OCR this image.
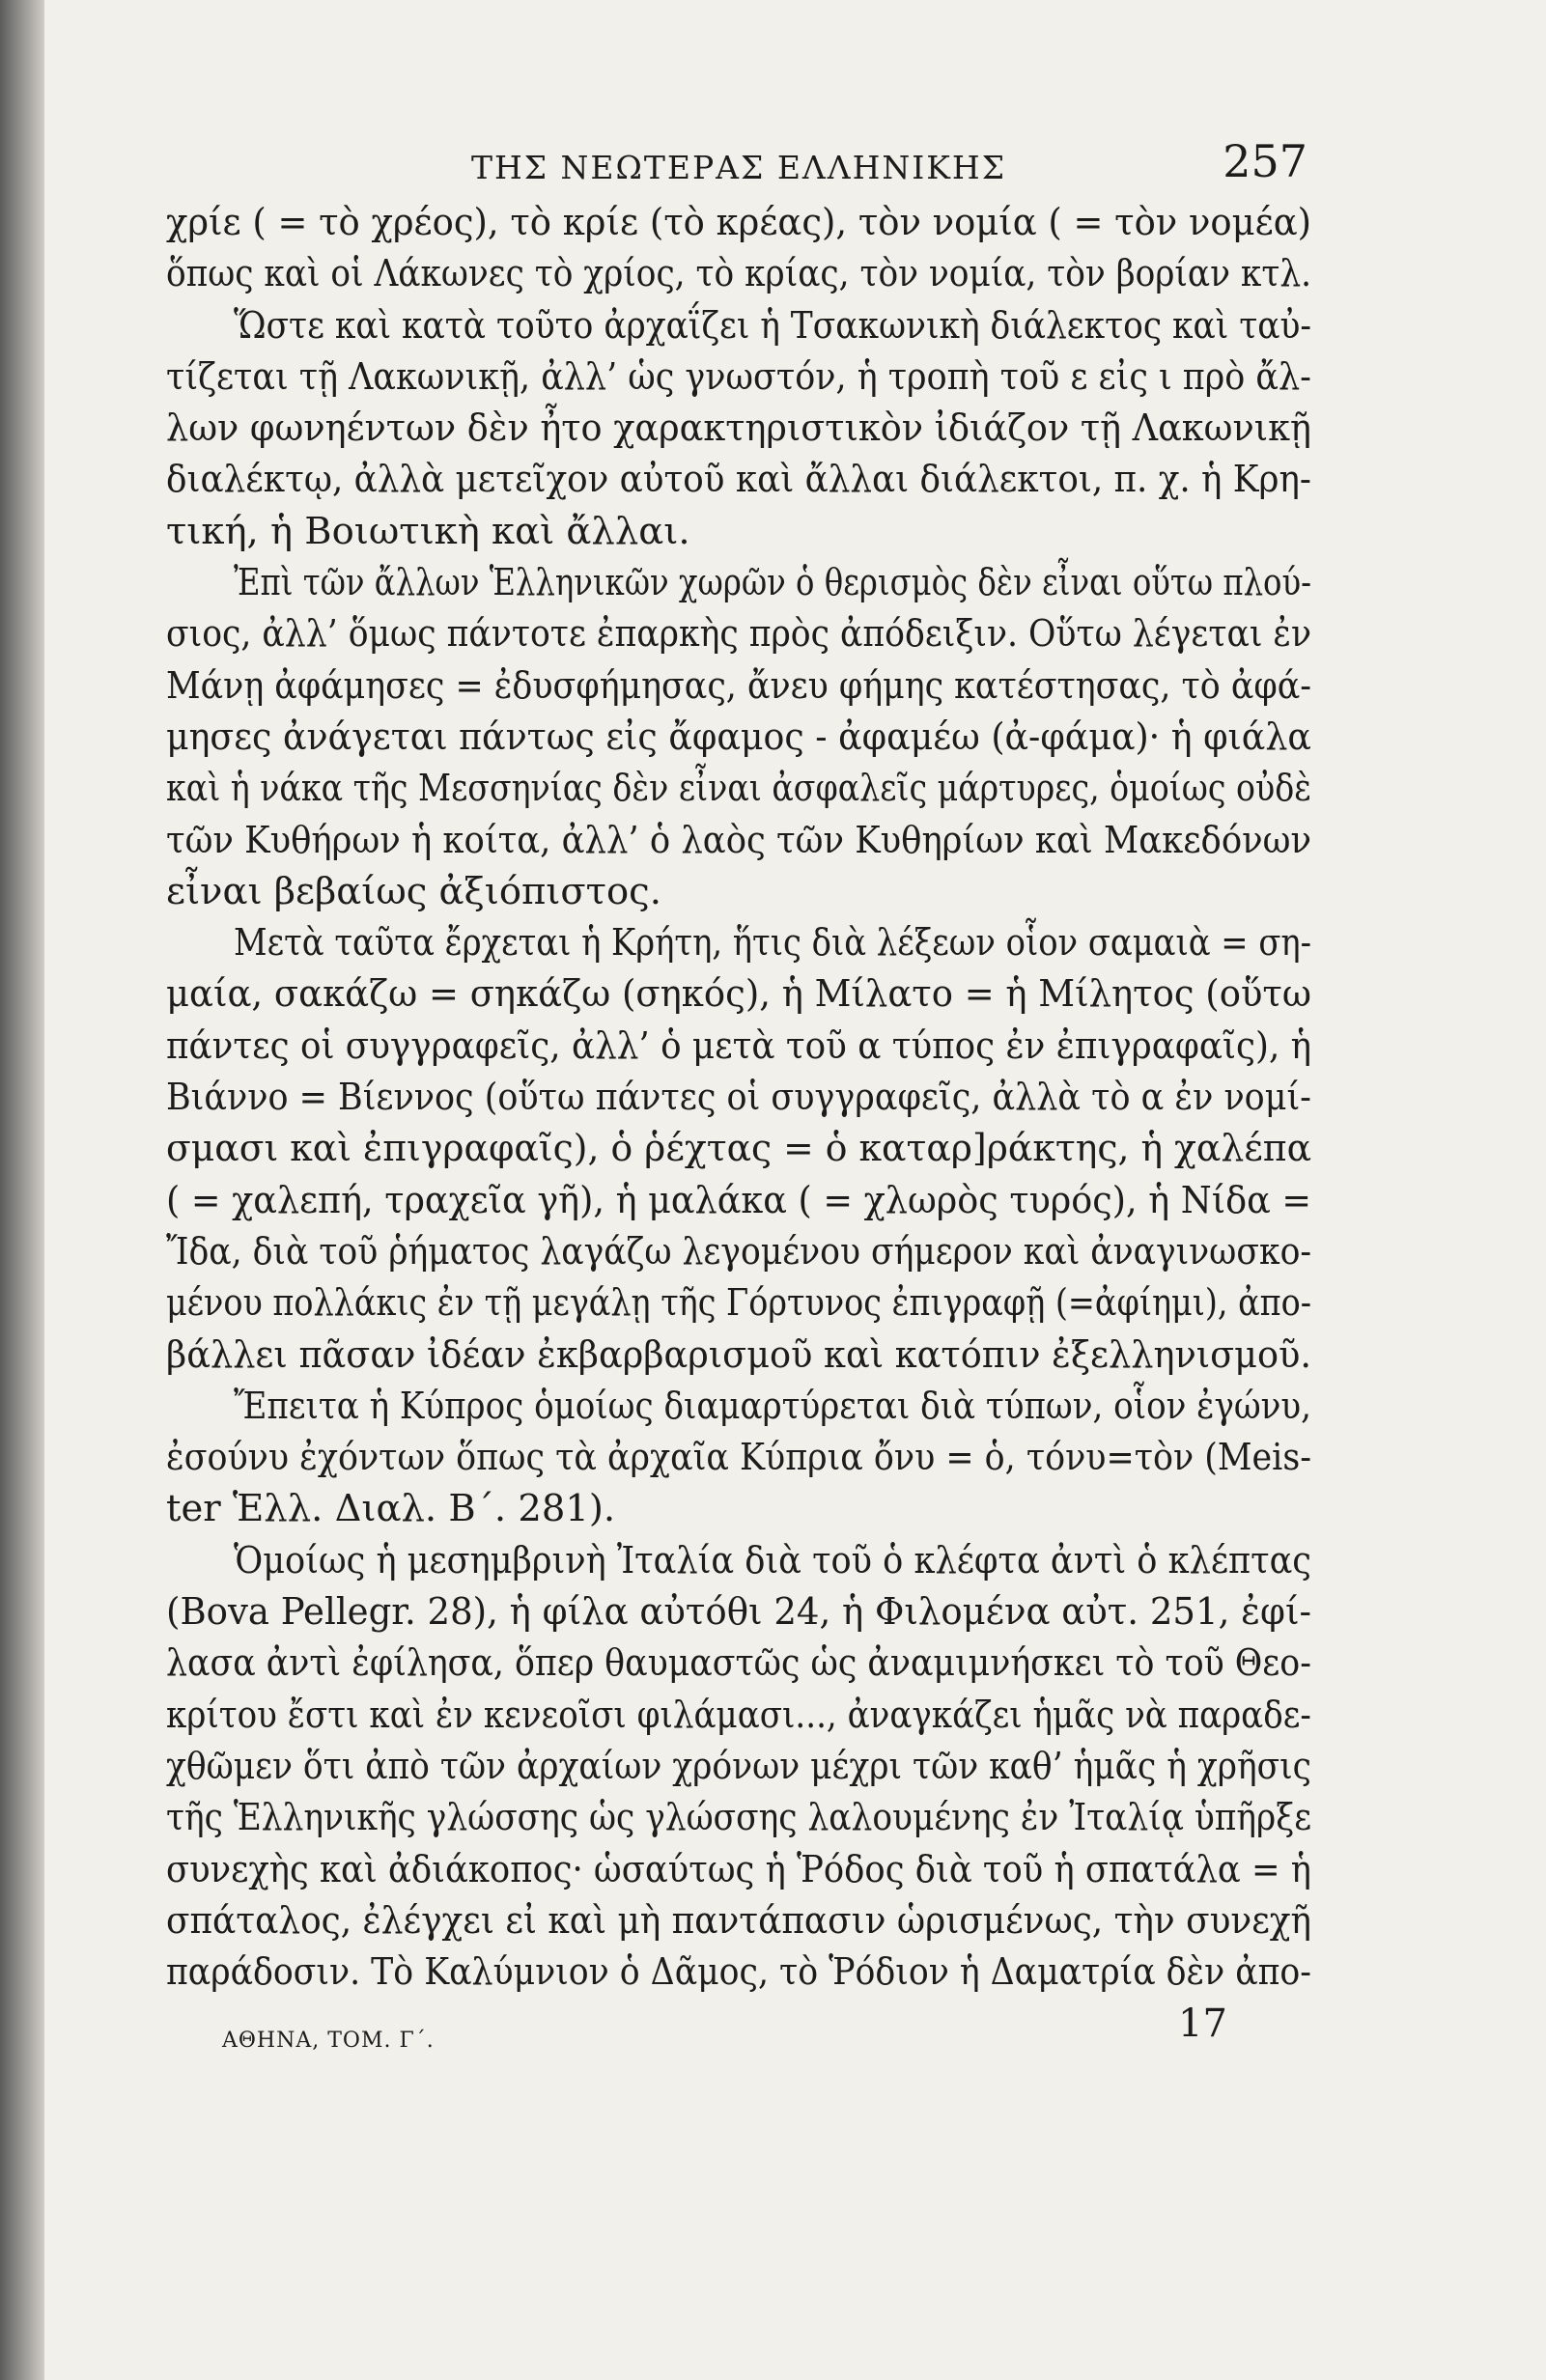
ΤΗΣ ΝΕΩΤΕΡΑΣ ΕΛΛΗΝΙΚΗΣ	257
χρίε ( = τὸ χρέος), τὸ κρίε (τὸ κρέας), τὸν νομία ( = τὸν νομέα)
ὅπως καὶ οἱ Λάκωνες τὸ χρίος, τὸ κρίας, τὸν νομία, τὸν βορίαν κτλ.
Ὥστε καὶ κατὰ τοῦτο ἀρχαΐζει ἡ Τσακωνικὴ διάλεκτος καὶ ταὐ-
τίζεται τῇ Λακωνικῇ, ἀλλ’ ὡς γνωστόν, ἡ τροπὴ τοῦ ε εἰς ι πρὸ ἄλ-
λων φωνηέντων δὲν ἦτο χαρακτηριστικὸν ἰδιάζον τῇ Λακωνικῇ
διαλέκτῳ, ἀλλὰ μετεῖχον αὐτοῦ καὶ ἄλλαι διάλεκτοι, π. χ. ἡ Κρη-
τική, ἡ Βοιωτικὴ καὶ ἄλλαι.
Ἐπὶ τῶν ἄλλων Ἑλληνικῶν χωρῶν ὁ θερισμὸς δὲν εἶναι οὕτω πλού-
σιος, ἀλλ’ ὅμως πάντοτε ἐπαρκὴς πρὸς ἀπόδειξιν. Οὕτω λέγεται ἐν
Μάνῃ ἀφάμησες = ἐδυσφήμησας, ἄνευ φήμης κατέστησας, τὸ ἀφά-
μησες ἀνάγεται πάντως εἰς ἄφαμος - ἀφαμέω (ἀ-φάμα)· ἡ φιάλα
καὶ ἡ νάκα τῆς Μεσσηνίας δὲν εἶναι ἀσφαλεῖς μάρτυρες, ὁμοίως οὐδὲ
τῶν Κυθήρων ἡ κοίτα, ἀλλ’ ὁ λαὸς τῶν Κυθηρίων καὶ Μακεδόνων
εἶναι βεβαίως ἀξιόπιστος.
Μετὰ ταῦτα ἔρχεται ἡ Κρήτη, ἥτις διὰ λέξεων οἷον σαμαιὰ = ση-
μαία, σακάζω = σηκάζω (σηκός), ἡ Μίλατο = ἡ Μίλητος (οὕτω
πάντες οἱ συγγραφεῖς, ἀλλ’ ὁ μετὰ τοῦ α τύπος ἐν ἐπιγραφαῖς), ἡ
Βιάννο = Βίεννος (οὕτω πάντες οἱ συγγραφεῖς, ἀλλὰ τὸ α ἐν νομί-
σμασι καὶ ἐπιγραφαῖς), ὁ ῥέχτας = ὁ καταρ]ράκτης, ἡ χαλέπα
( = χαλεπή, τραχεῖα γῆ), ἡ μαλάκα ( = χλωρὸς τυρός), ἡ Νίδα =
Ἴδα, διὰ τοῦ ῥήματος λαγάζω λεγομένου σήμερον καὶ ἀναγινωσκο-
μένου πολλάκις ἐν τῇ μεγάλῃ τῆς Γόρτυνος ἐπιγραφῇ (=ἀφίημι), ἀπο-
βάλλει πᾶσαν ἰδέαν ἐκβαρβαρισμοῦ καὶ κατόπιν ἐξελληνισμοῦ.
Ἔπειτα ἡ Κύπρος ὁμοίως διαμαρτύρεται διὰ τύπων, οἷον ἐγώνυ,
ἐσούνυ ἐχόντων ὅπως τὰ ἀρχαῖα Κύπρια ὄνυ = ὁ, τόνυ=τὸν (Meis-
ter Ἑλλ. Διαλ. Β΄. 281).
Ὁμοίως ἡ μεσημβρινὴ Ἰταλία διὰ τοῦ ὁ κλέφτα ἀντὶ ὁ κλέπτας
(Bova Pellegr. 28), ἡ φίλα αὐτόθι 24, ἡ Φιλομένα αὐτ. 251, ἐφί-
λασα ἀντὶ ἐφίλησα, ὅπερ θαυμαστῶς ὡς ἀναμιμνήσκει τὸ τοῦ Θεο-
κρίτου ἔστι καὶ ἐν κενεοῖσι φιλάμασι..., ἀναγκάζει ἡμᾶς νὰ παραδε-
χθῶμεν ὅτι ἀπὸ τῶν ἀρχαίων χρόνων μέχρι τῶν καθ’ ἡμᾶς ἡ χρῆσις
τῆς Ἑλληνικῆς γλώσσης ὡς γλώσσης λαλουμένης ἐν Ἰταλίᾳ ὑπῆρξε
συνεχὴς καὶ ἀδιάκοπος· ὡσαύτως ἡ Ῥόδος διὰ τοῦ ἡ σπατάλα = ἡ
σπάταλος, ἐλέγχει εἰ καὶ μὴ παντάπασιν ὡρισμένως, τὴν συνεχῆ
παράδοσιν. Τὸ Καλύμνιον ὁ Δᾶμος, τὸ Ῥόδιον ἡ Δαματρία δὲν ἀπο-
ΑΘΗΝΑ, ΤΟΜ. Γ΄.	17
